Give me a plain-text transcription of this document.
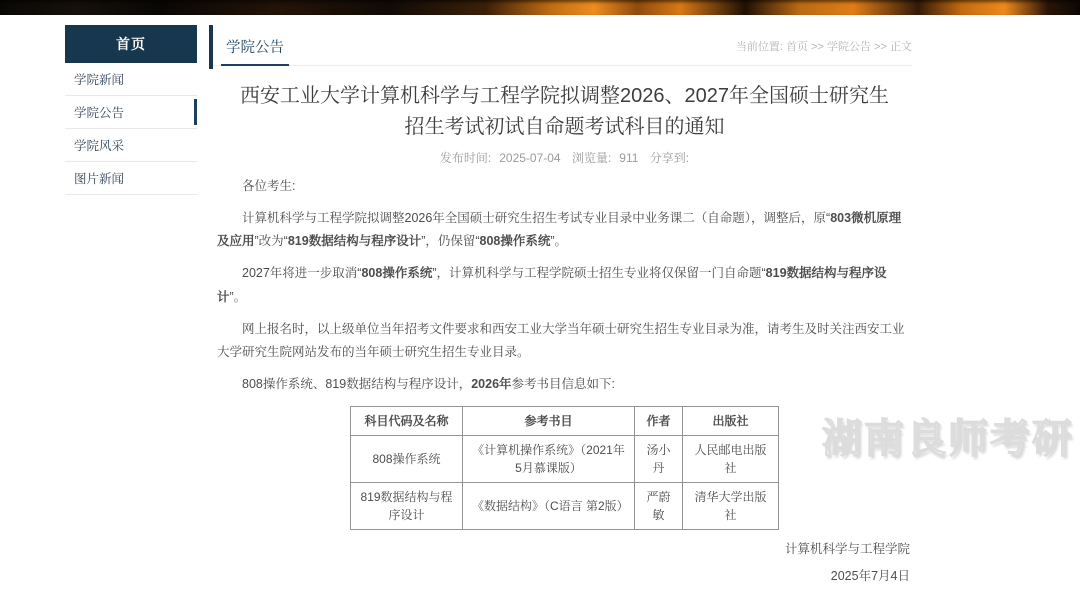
首页
学院新闻
学院公告
学院风采
图片新闻
学院公告	当前位置: 首页 >> 学院公告 >> 正文
西安工业大学计算机科学与工程学院拟调整2026、2027年全国硕士研究生招生考试初试自命题考试科目的通知
发布时间: 2025-07-04 浏览量: 911 分享到:

各位考生:

计算机科学与工程学院拟调整2026年全国硕士研究生招生考试专业目录中业务课二（自命题），调整后，原“803微机原理及应用”改为“819数据结构与程序设计”，仍保留“808操作系统”。

2027年将进一步取消“808操作系统”，计算机科学与工程学院硕士招生专业将仅保留一门自命题“819数据结构与程序设计”。

网上报名时，以上级单位当年招考文件要求和西安工业大学当年硕士研究生招生专业目录为准，请考生及时关注西安工业大学研究生院网站发布的当年硕士研究生招生专业目录。

808操作系统、819数据结构与程序设计，2026年参考书目信息如下:

科目代码及名称	参考书目	作者	出版社
808操作系统	《计算机操作系统》（2021年5月慕课版）	汤小丹	人民邮电出版社
819数据结构与程序设计	《数据结构》（C语言 第2版）	严蔚敏	清华大学出版社
计算机科学与工程学院
2025年7月4日
湖南良师考研
